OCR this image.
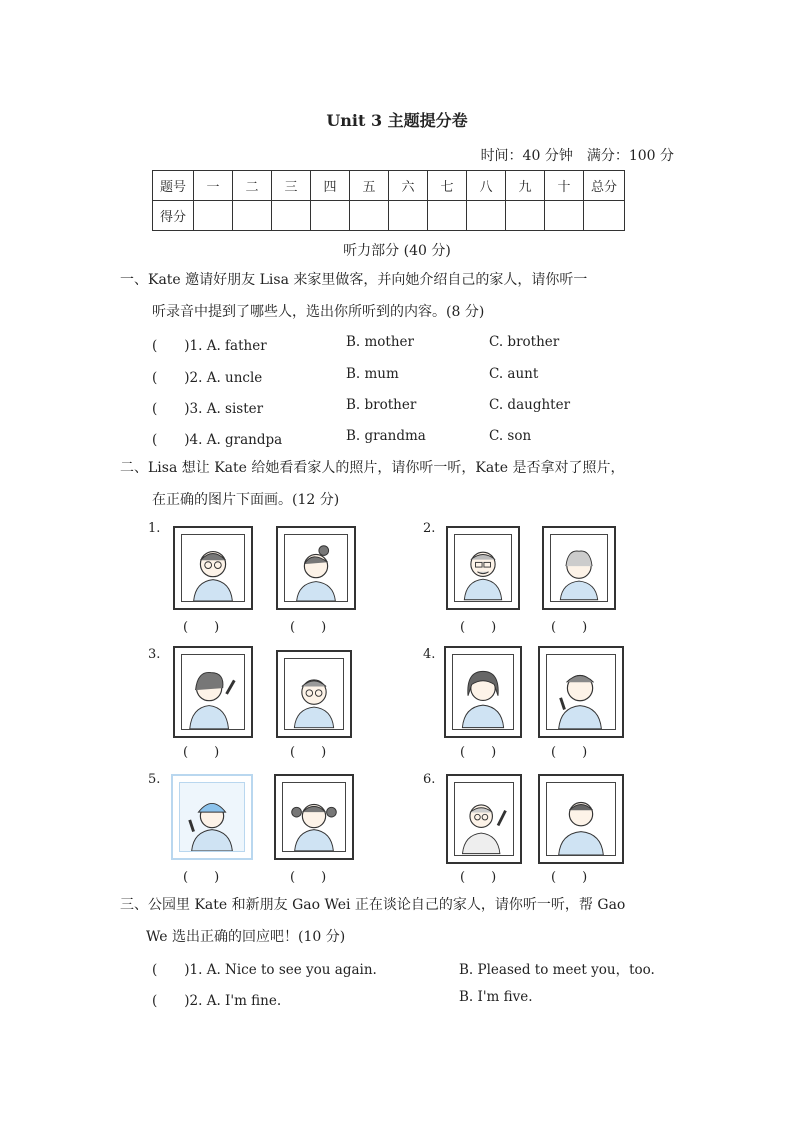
Unit 3 主题提分卷
时间：40 分钟　满分：100 分
题号	一	二	三	四	五	六	七	八	九	十	总分
得分											
听力部分 (40 分)
一、Kate 邀请好朋友 Lisa 来家里做客，并向她介绍自己的家人，请你听一
听录音中提到了哪些人，选出你所听到的内容。(8 分)
(　　)1. A. father	B. mother	C. brother
(　　)2. A. uncle	B. mum	C. aunt
(　　)3. A. sister	B. brother	C. daughter
(　　)4. A. grandpa	B. grandma	C. son
二、Lisa 想让 Kate 给她看看家人的照片，请你听一听，Kate 是否拿对了照片，
在正确的图片下面画。(12 分)
1.
(　　)	(　　)
2.
(　　)	(　　)
3.
(　　)	(　　)
4.
(　　)	(　　)
5.
(　　)	(　　)
6.
(　　)	(　　)
三、公园里 Kate 和新朋友 Gao Wei 正在谈论自己的家人，请你听一听，帮 Gao
We 选出正确的回应吧！(10 分)
(　　)1. A. Nice to see you again.	B. Pleased to meet you，too.
(　　)2. A. I'm fine.	B. I'm five.
